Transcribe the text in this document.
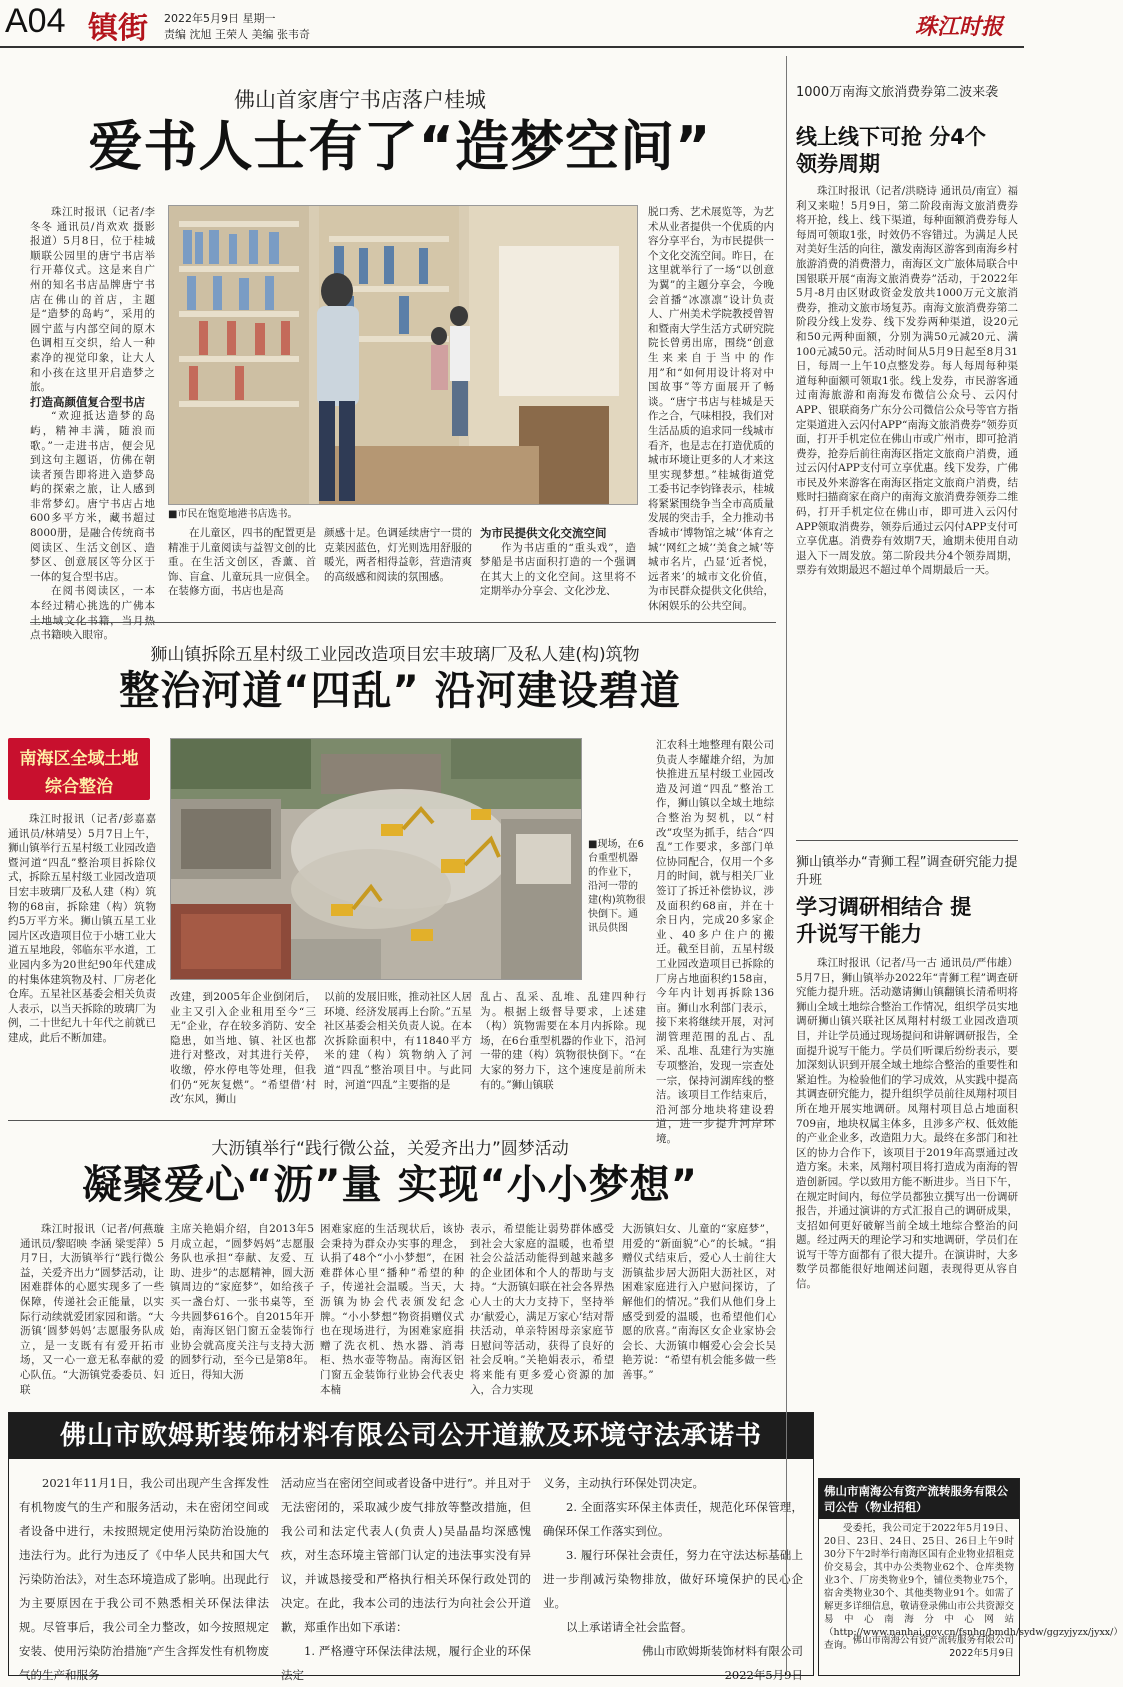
A04 镇街 2022年5月9日 星期一
责编 沈旭 王荣人 美编 张韦奇	珠江时报
佛山首家唐宁书店落户桂城
爱书人士有了“造梦空间”

珠江时报讯（记者/李冬冬 通讯员/肖欢欢 摄影报道）5月8日，位于桂城顺联公园里的唐宁书店举行开幕仪式。这是来自广州的知名书店品牌唐宁书店在佛山的首店，主题是“造梦的岛屿”，采用的圆宁蓝与内部空间的原木色调相互交织，给人一种素净的视觉印象，让大人和小孩在这里开启造梦之旅。

打造高颜值复合型书店

“欢迎抵达造梦的岛屿，精神丰满，随浪而歌。”一走进书店，便会见到这句主题语，仿佛在朝读者预告即将进入造梦岛屿的探索之旅，让人感到非常梦幻。唐宁书店占地600多平方米，藏书超过8000册，是融合传统商书阅读区、生活文创区、造梦区、创意展区等分区于一体的复合型书店。

在阅书阅读区，一本本经过精心挑选的广佛本土地域文化书籍，当月热点书籍映入眼帘。

■市民在饱览地港书店选书。

在儿童区，四书的配置更是精准于儿童阅读与益智文创的比重。在生活文创区，香薰、首饰、盲盒、儿童玩具一应俱全。在装修方面，书店也是高

颜感十足。色调延续唐宁一贯的克莱因蓝色，灯光则选用舒服的暖光，两者相得益彰，营造清爽的高级感和阅读的氛围感。

为市民提供文化交流空间

作为书店重的“重头戏”，造梦船是书店面积打造的一个强调在其大上的文化空间。这里将不定期举办分享会、文化沙龙、

脱口秀、艺术展览等，为艺术从业者提供一个优质的内容分享平台，为市民提供一个文化交流空间。昨日，在这里就举行了一场“以创意为翼”的主题分享会，今晚会首播“冰凛凛”设计负责人、广州美术学院教授曾智和暨南大学生活方式研究院院长曾勇出席，围绕“创意生来来自于当中的作用”和“如何用设计将对中国故事”等方面展开了畅谈。“唐宁书店与桂城是天作之合，气味相投，我们对生活品质的追求同一线城市看齐，也是志在打造优质的城市环境让更多的人才来这里实现梦想。”桂城街道党工委书记李钧锋表示，桂城将紧紧围绕争当全市高质量发展的突击手，全力推动书香城市‘博物馆之城’‘体育之城’‘网红之城’‘美食之城’等城市名片，凸显‘近者悦，远者来’的城市文化价值，为市民群众提供文化供给，休闲娱乐的公共空间。

狮山镇拆除五星村级工业园改造项目宏丰玻璃厂及私人建(构)筑物
整治河道“四乱” 沿河建设碧道
南海区全域土地
综合整治

珠江时报讯（记者/彭嘉嘉 通讯员/林靖旻）5月7日上午，狮山镇举行五星村级工业园改造暨河道“四乱”整治项目拆除仪式，拆除五星村级工业园改造项目宏丰玻璃厂及私人建（构）筑物的68亩，拆除建（构）筑物约5万平方米。狮山镇五星工业园片区改造项目位于小塘工业大道五星地段，邻临东平水道，工业园内多为20世纪90年代建成的村集体建筑物及村、厂房老化仓库。五星社区基委会相关负责人表示，以当天拆除的玻璃厂为例，二十世纪九十年代之前就已建成，此后不断加建。

■现场，在6台重型机器的作业下，沿河一带的建(构)筑物很快倒下。通讯员供图

改建，到2005年企业倒闭后，业主又引入企业租用至今“三无”企业，存在较多消防、安全隐患，如当地、镇、社区也都进行对整改，对其进行关停，收缴，停水停电等处理，但我们仍“死灰复燃”。“希望借‘村改’东风，狮山

以前的发展旧账，推动社区人居环境、经济发展再上台阶。”五星社区基委会相关负责人说。在本次拆除面积中，有11840平方米的建（构）筑物纳入了河道“四乱”整治项目中。与此同时，河道“四乱”主要指的是

乱占、乱采、乱堆、乱建四种行为。根据上级督导要求，上述建（构）筑物需要在本月内拆除。现场，在6台重型机器的作业下，沿河一带的建（构）筑物很快倒下。“在大家的努力下，这个速度是前所未有的。”狮山镇联

汇农科土地整理有限公司负责人李耀雄介绍，为加快推进五星村级工业园改造及河道“四乱”整治工作，狮山镇以全域土地综合整治为契机，以“村改”攻坚为抓手，结合“四乱”工作要求，多部门单位协同配合，仅用一个多月的时间，就与相关厂业签订了拆迁补偿协议，涉及面积约68亩，并在十余日内，完成20多家企业、40多户住户的搬迁。截至目前，五星村级工业园改造项目已拆除的厂房占地面积约158亩，今年内计划再拆除136亩。狮山水利部门表示，接下来将继续开展，对河湖管理范围的乱占、乱采、乱堆、乱建行为实施专项整治，发现一宗查处一宗，保持河湖库线的整洁。该项目工作结束后，沿河部分地块将建设碧道，进一步提升河岸环境。

大沥镇举行“践行微公益，关爱齐出力”圆梦活动
凝聚爱心“沥”量 实现“小小梦想”

珠江时报讯（记者/何燕璇 通讯员/黎昭映 李涵 梁雯萍）5月7日，大沥镇举行“践行微公益，关爱齐出力”圆梦活动，让困难群体的心愿实现多了一些保障，传递社会正能量，以实际行动续就爱团家园和谐。“大沥镇‘圆梦妈妈’志愿服务队成立，是一支既有有爱开拓市场，又一心一意无私奉献的爱心队伍。“大沥镇党委委员、妇联

主席关艳娟介绍，自2013年5月成立起，“圆梦妈妈”志愿服务队也承担“奉献、友爱、互助、进步”的志愿精神，圆大沥镇周边的“家庭梦”，如给孩子买一盏台灯、一张书桌等，至今共圆梦616个。自2015年开始，南海区铝门窗五金装饰行业协会就高度关注与支持大沥的圆梦行动，至今已是第8年。近日，得知大沥

困难家庭的生活现状后，该协会秉持为群众办实事的理念，认捐了48个“小小梦想”，在困难群体心里“播种”希望的种子，传递社会温暖。当天，大沥镇为协会代表颁发纪念牌。“小小梦想”物资捐赠仪式也在现场进行，为困难家庭捐赠了洗衣机、热水器、消毒柜、热水壶等物品。南海区铝门窗五金装饰行业协会代表史本楠

表示，希望能让弱势群体感受到社会大家庭的温暖，也希望社会公益活动能得到越来越多的企业团体和个人的帮助与支持。“大沥镇妇联在社会各界热心人士的大力支持下，坚持举办‘献爱心，满足万家心’结对帮扶活动，单亲特困母亲家庭节日慰问等活动，获得了良好的社会反响。”关艳娟表示，希望将来能有更多爱心资源的加入，合力实现

大沥镇妇女、儿童的“家庭梦”，用爱的“新面貌”心”的长城。“捐赠仪式结束后，爱心人士前往大沥镇盐步居大沥阳大沥社区，对困难家庭进行入户慰问探访，了解他们的情况。”我们从他们身上感受到爱的温暖，也希望他们心愿的欣喜。”南海区女企业家协会会长、大沥镇巾帼爱心会会长吴艳芳说：“希望有机会能多做一些善事。”

佛山市欧姆斯装饰材料有限公司公开道歉及环境守法承诺书

2021年11月1日，我公司出现产生含挥发性有机物废气的生产和服务活动，未在密闭空间或者设备中进行，未按照规定使用污染防治设施的违法行为。此行为违反了《中华人民共和国大气污染防治法》，对生态环境造成了影响。出现此行为主要原因在于我公司不熟悉相关环保法律法规。尽管事后，我公司全力整改，如今按照规定安装、使用污染防治措施”产生含挥发性有机物废气的生产和服务

活动应当在密闭空间或者设备中进行”。并且对于无法密闭的，采取减少废气排放等整改措施，但我公司和法定代表人(负责人)吴晶晶均深感愧疚，对生态环境主管部门认定的违法事实没有异议，并诚恳接受和严格执行相关环保行政处罚的决定。在此，我本公司的违法行为向社会公开道歉，郑重作出如下承诺：

1. 严格遵守环保法律法规，履行企业的环保法定

义务，主动执行环保处罚决定。

2. 全面落实环保主体责任，规范化环保管理，确保环保工作落实到位。

3. 履行环保社会责任，努力在守法达标基础上进一步削减污染物排放，做好环境保护的民心企业。

以上承诺请全社会监督。

佛山市欧姆斯装饰材料有限公司

2022年5月9日

1000万南海文旅消费券第二波来袭
线上线下可抢 分4个领券周期

珠江时报讯（记者/洪晓诗 通讯员/南宣）福利又来啦！5月9日，第二阶段南海文旅消费券将开抢，线上、线下渠道，每种面额消费券每人每周可领取1张，时效仍不容错过。为满足人民对美好生活的向往，激发南海区游客到南海乡村旅游消费的消费潜力，南海区文广旅体局联合中国银联开展“南海文旅消费券”活动，于2022年5月-8月由区财政资金发放共1000万元文旅消费券，推动文旅市场复苏。南海文旅消费券第二阶段分线上发券、线下发券两种渠道，设20元和50元两种面额，分别为满50元减20元、满100元减50元。活动时间从5月9日起至8月31日，每周一上午10点整发券。每人每周每种渠道每种面额可领取1张。线上发券，市民游客通过南海旅游和南海发布微信公众号、云闪付APP、银联商务广东分公司微信公众号等官方指定渠道进入云闪付APP“南海文旅消费券”领券页面，打开手机定位在佛山市或广州市，即可抢消费券，抢券后前往南海区指定文旅商户消费，通过云闪付APP支付可立享优惠。线下发券，广佛市民及外来游客在南海区指定文旅商户消费，结账时扫描商家在商户的南海文旅消费券领券二维码，打开手机定位在佛山市，即可进入云闪付APP领取消费券，领券后通过云闪付APP支付可立享优惠。消费券有效期7天，逾期未使用自动退入下一周发放。第二阶段共分4个领券周期，票券有效期最迟不超过单个周期最后一天。

狮山镇举办“青狮工程”调查研究能力提升班
学习调研相结合 提升说写干能力

珠江时报讯（记者/马一古 通讯员/严伟雄）5月7日，狮山镇举办2022年“青狮工程”调查研究能力提升班。活动邀请狮山镇翻镇长清希明将狮山全域土地综合整治工作情况，组织学员实地调研狮山镇兴联社区凤翔村村级工业园改造项目，并让学员通过现场提问和讲解调研报告，全面提升说写干能力。学员们听课后纷纷表示，要加深刻认识到开展全域土地综合整治的重要性和紧迫性。为检验他们的学习成效，从实践中提高其调查研究能力，提升组织学员前往凤翔村项目所在地开展实地调研。凤翔村项目总占地面积709亩，地块权属主体多，且涉多产权、低效能的产业企业多，改造阻力大。最终在多部门和社区的协力合作下，该项目于2019年高票通过改造方案。未来，凤翔村项目将打造成为南海的智造创新园。学以致用方能不断进步。当日下午，在规定时间内，每位学员都独立撰写出一份调研报告，并通过演讲的方式汇报自己的调研成果，支招如何更好破解当前全域土地综合整治的问题。经过两天的理论学习和实地调研，学员们在说写干等方面都有了很大提升。在演讲时，大多数学员都能很好地阐述问题，表现得更从容自信。

佛山市南海公有资产流转服务有限公司公告（物业招租）

受委托，我公司定于2022年5月19日、20日、23日、24日、25日、26日上午9时30分下午2时举行南海区国有企业物业招租竞价交易会，其中办公类物业62个、仓库类物业3个、厂房类物业9个，铺位类物业75个，宿舍类物业30个、其他类物业91个。如需了解更多详细信息，敬请登录佛山市公共资源交易中心南海分中心网站（http://www.nanhai.gov.cn/fsnhq/bmdh/sydw/ggzyjyzx/jyxx/）查询。 佛山市南海公有资产流转服务有限公司
2022年5月9日
